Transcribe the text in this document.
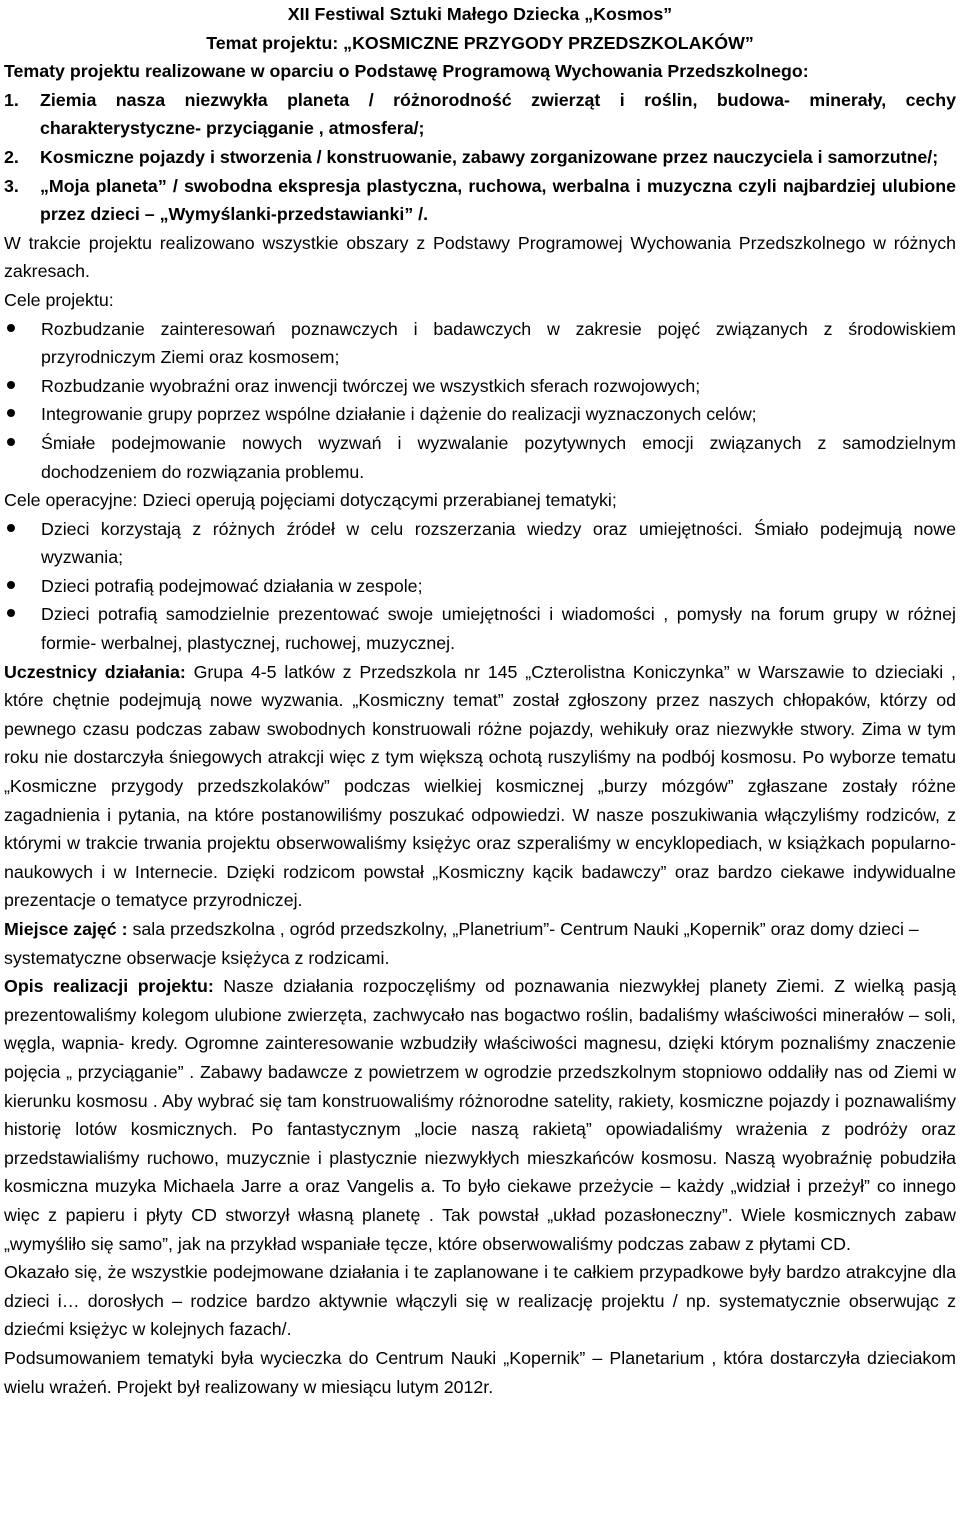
XII Festiwal Sztuki Małego Dziecka „Kosmos”
Temat projektu: „KOSMICZNE PRZYGODY PRZEDSZKOLAKÓW”
Tematy projektu realizowane w oparciu o Podstawę Programową Wychowania Przedszkolnego:
1. Ziemia nasza niezwykła planeta / różnorodność zwierząt i roślin, budowa- minerały, cechy charakterystyczne- przyciąganie , atmosfera/;
2. Kosmiczne pojazdy i stworzenia / konstruowanie, zabawy zorganizowane przez nauczyciela i samorzutne/;
3. „Moja planeta” / swobodna ekspresja plastyczna, ruchowa, werbalna i muzyczna czyli najbardziej ulubione przez dzieci – „Wymyślanki-przedstawianki” /.

W trakcie projektu realizowano wszystkie obszary z Podstawy Programowej Wychowania Przedszkolnego w różnych zakresach.

Cele projektu:
Rozbudzanie zainteresowań poznawczych i badawczych w zakresie pojęć związanych z środowiskiem przyrodniczym Ziemi oraz kosmosem;
Rozbudzanie wyobraźni oraz inwencji twórczej we wszystkich sferach rozwojowych;
Integrowanie grupy poprzez wspólne działanie i dążenie do realizacji wyznaczonych celów;
Śmiałe podejmowanie nowych wyzwań i wyzwalanie pozytywnych emocji związanych z samodzielnym dochodzeniem do rozwiązania problemu.

Cele operacyjne: Dzieci operują pojęciami dotyczącymi przerabianej tematyki;

Dzieci korzystają z różnych źródeł w celu rozszerzania wiedzy oraz umiejętności. Śmiało podejmują nowe wyzwania;
Dzieci potrafią podejmować działania w zespole;
Dzieci potrafią samodzielnie prezentować swoje umiejętności i wiadomości , pomysły na forum grupy w różnej formie- werbalnej, plastycznej, ruchowej, muzycznej.

Uczestnicy działania: Grupa 4-5 latków z Przedszkola nr 145 „Czterolistna Koniczynka” w Warszawie to dzieciaki , które chętnie podejmują nowe wyzwania. „Kosmiczny temat” został zgłoszony przez naszych chłopaków, którzy od pewnego czasu podczas zabaw swobodnych konstruowali różne pojazdy, wehikuły oraz niezwykłe stwory. Zima w tym roku nie dostarczyła śniegowych atrakcji więc z tym większą ochotą ruszyliśmy na podbój kosmosu. Po wyborze tematu „Kosmiczne przygody przedszkolaków” podczas wielkiej kosmicznej „burzy mózgów” zgłaszane zostały różne zagadnienia i pytania, na które postanowiliśmy poszukać odpowiedzi. W nasze poszukiwania włączyliśmy rodziców, z którymi w trakcie trwania projektu obserwowaliśmy księżyc oraz szperaliśmy w encyklopediach, w książkach popularno-naukowych i w Internecie. Dzięki rodzicom powstał „Kosmiczny kącik badawczy” oraz bardzo ciekawe indywidualne prezentacje o tematyce przyrodniczej.

Miejsce zajęć : sala przedszkolna , ogród przedszkolny, „Planetrium”- Centrum Nauki „Kopernik” oraz domy dzieci – systematyczne obserwacje księżyca z rodzicami.

Opis realizacji projektu: Nasze działania rozpoczęliśmy od poznawania niezwykłej planety Ziemi. Z wielką pasją prezentowaliśmy kolegom ulubione zwierzęta, zachwycało nas bogactwo roślin, badaliśmy właściwości minerałów – soli, węgla, wapnia- kredy. Ogromne zainteresowanie wzbudziły właściwości magnesu, dzięki którym poznaliśmy znaczenie pojęcia „ przyciąganie” . Zabawy badawcze z powietrzem w ogrodzie przedszkolnym stopniowo oddaliły nas od Ziemi w kierunku kosmosu . Aby wybrać się tam konstruowaliśmy różnorodne satelity, rakiety, kosmiczne pojazdy i poznawaliśmy historię lotów kosmicznych. Po fantastycznym „locie naszą rakietą” opowiadaliśmy wrażenia z podróży oraz przedstawialiśmy ruchowo, muzycznie i plastycznie niezwykłych mieszkańców kosmosu. Naszą wyobraźnię pobudziła kosmiczna muzyka Michaela Jarre a oraz Vangelis a. To było ciekawe przeżycie – każdy „widział i przeżył” co innego więc z papieru i płyty CD stworzył własną planetę . Tak powstał „układ pozasłoneczny”. Wiele kosmicznych zabaw „wymyśliło się samo”, jak na przykład wspaniałe tęcze, które obserwowaliśmy podczas zabaw z płytami CD.

Okazało się, że wszystkie podejmowane działania i te zaplanowane i te całkiem przypadkowe były bardzo atrakcyjne dla dzieci i… dorosłych – rodzice bardzo aktywnie włączyli się w realizację projektu / np. systematycznie obserwując z dziećmi księżyc w kolejnych fazach/.

Podsumowaniem tematyki była wycieczka do Centrum Nauki „Kopernik” – Planetarium , która dostarczyła dzieciakom wielu wrażeń. Projekt był realizowany w miesiącu lutym 2012r.
